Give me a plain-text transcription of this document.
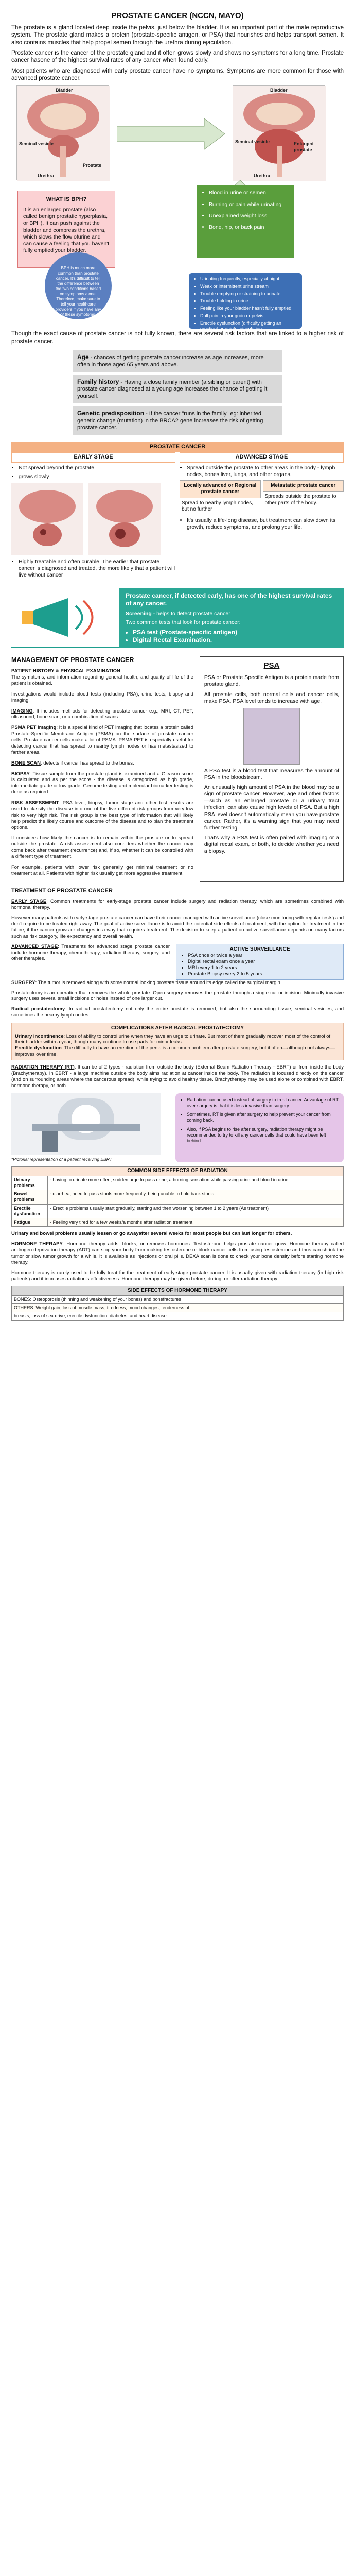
PROSTATE CANCER (NCCN, MAYO)

The prostate is a gland located deep inside the pelvis, just below the bladder. It is an important part of the male reproductive system. The prostate gland makes a protein (prostate-specific antigen, or PSA) that nourishes and helps transport semen. It also contains muscles that help propel semen through the urethra during ejaculation.

Prostate cancer is the cancer of the prostate gland and it often grows slowly and shows no symptoms for a long time. Prostate cancer hasone of the highest survival rates of any cancer when found early.

Most patients who are diagnosed with early prostate cancer have no symptoms. Symptoms are more common for those with advanced prostate cancer.

Bladder
Seminal vesicle
Prostate
Urethra
Bladder
Seminal vesicle	Enlarged prostate
Urethra
WHAT IS BPH?

It is an enlarged prostate (also called benign prostatic hyperplasia, or BPH). It can push against the bladder and compress the urethra, which slows the flow ofurine and can cause a feeling that you haven't fully emptied your bladder.

• Blood in urine or semen
• Burning or pain while urinating
• Unexplained weight loss
• Bone, hip, or back pain
BPH is much more common than prostate cancer. It's difficult to tell the difference between the two conditions based on symptoms alone. Therefore, make sure to tell your healthcare providers if you have any of these symptoms.
• Urinating frequently, especially at night
• Weak or intermittent urine stream
• Trouble emptying or straining to urinate
• Trouble holding in urine
• Feeling like your bladder hasn't fully emptied
• Dull pain in your groin or pelvis
• Erectile dysfunction (difficulty getting an erection) or painful ejaculation

Though the exact cause of prostate cancer is not fully known, there are several risk factors that are linked to a higher risk of prostate cancer.

Age - chances of getting prostate cancer increase as age increases, more often in those aged 65 years and above.
Family history - Having a close family member (a sibling or parent) with prostate cancer diagnosed at a young age increases the chance of getting it yourself.
Genetic predisposition - If the cancer "runs in the family" eg: inherited genetic change (mutation) in the BRCA2 gene increases the risk of getting prostate cancer.
PROSTATE CANCER
EARLY STAGE
• Not spread beyond the prostate
• grows slowly
• Highly treatable and often curable. The earlier that prostate cancer is diagnosed and treated, the more likely that a patient will live without cancer
ADVANCED STAGE
• Spread outside the prostate to other areas in the body - lymph nodes, bones liver, lungs, and other organs.
Locally advanced or Regional prostate cancer
Spread to nearby lymph nodes, but no further
Metastatic prostate cancer
Spreads outside the prostate to other parts of the body.
• It's usually a life-long disease, but treatment can slow down its growth, reduce symptoms, and prolong your life.
Prostate cancer, if detected early, has one of the highest survival rates of any cancer.

Screening - helps to detect prostate cancer

Two common tests that look for prostate cancer:

• PSA test (Prostate-specific antigen)
• Digital Rectal Examination.
MANAGEMENT OF PROSTATE CANCER
PATIENT HISTORY & PHYSICAL EXAMINATION
The symptoms, and information regarding general health, and quality of life of the patient is obtained.
Investigations would include blood tests (including PSA), urine tests, biopsy and imaging.
IMAGING: It includes methods for detecting prostate cancer e.g., MRI, CT, PET, ultrasound, bone scan, or a combination of scans.
PSMA PET Imaging: It is a special kind of PET imaging that locates a protein called Prostate-Specific Membrane Antigen (PSMA) on the surface of prostate cancer cells. Prostate cancer cells make a lot of PSMA. PSMA PET is especially useful for detecting cancer that has spread to nearby lymph nodes or has metastasized to farther areas.
BONE SCAN: detects if cancer has spread to the bones.
BIOPSY: Tissue sample from the prostate gland is examined and a Gleason score is calculated and as per the score - the disease is categorized as high grade, intermediate grade or low grade. Genome testing and molecular biomarker testing is done as required.
RISK ASSESSMENT: PSA level, biopsy, tumor stage and other test results are used to classify the disease into one of the five different risk groups from very low risk to very high risk. The risk group is the best type of information that will likely help predict the likely course and outcome of the disease and to plan the treatment options.
It considers how likely the cancer is to remain within the prostate or to spread outside the prostate. A risk assessment also considers whether the cancer may come back after treatment (recurrence) and, if so, whether it can be controlled with a different type of treatment.
For example, patients with lower risk generally get minimal treatment or no treatment at all. Patients with higher risk usually get more aggressive treatment.
PSA

PSA or Prostate Specific Antigen is a protein made from prostate gland.

All prostate cells, both normal cells and cancer cells, make PSA. PSA level tends to increase with age.

A PSA test is a blood test that measures the amount of PSA in the bloodstream.

An unusually high amount of PSA in the blood may be a sign of prostate cancer. However, age and other factors—such as an enlarged prostate or a urinary tract infection, can also cause high levels of PSA. But a high PSA level doesn't automatically mean you have prostate cancer. Rather, it's a warning sign that you may need further testing.

That's why a PSA test is often paired with imaging or a digital rectal exam, or both, to decide whether you need a biopsy.

TREATMENT OF PROSTATE CANCER
EARLY STAGE: Common treatments for early-stage prostate cancer include surgery and radiation therapy, which are sometimes combined with hormonal therapy.
However many patients with early-stage prostate cancer can have their cancer managed with active surveillance (close monitoring with regular tests) and don't require to be treated right away. The goal of active surveillance is to avoid the potential side effects of treatment, with the option for treatment in the future, if the cancer grows or changes in a way that requires treatment. The decision to keep a patient on active surveillance depends on many factors such as risk category, life expectancy and overall health.
ADVANCED STAGE: Treatments for advanced stage prostate cancer include hormone therapy, chemotherapy, radiation therapy, surgery, and other therapies.
ACTIVE SURVEILLANCE
• PSA once or twice a year
• Digital rectal exam once a year
• MRI every 1 to 2 years
• Prostate Biopsy every 2 to 5 years
SURGERY: The tumor is removed along with some normal looking prostate tissue around its edge called the surgical margin.
Prostatectomy is an operation that removes the whole prostate. Open surgery removes the prostate through a single cut or incision. Minimally invasive surgery uses several small incisions or holes instead of one larger cut.
Radical prostatectomy: In radical prostatectomy not only the entire prostate is removed, but also the surrounding tissue, seminal vesicles, and sometimes the nearby lymph nodes.
COMPLICATIONS AFTER RADICAL PROSTATECTOMY
Urinary incontinence: Loss of ability to control urine when they have an urge to urinate. But most of them gradually recover most of the control of their bladder within a year, though many continue to use pads for minor leaks.
Erectile dysfunction: The difficulty to have an erection of the penis is a common problem after prostate surgery, but it often—although not always—improves over time.
RADIATION THERAPY (RT): It can be of 2 types - radiation from outside the body (External Beam Radiation Therapy - EBRT) or from inside the body (Brachytherapy). In EBRT - a large machine outside the body aims radiation at cancer inside the body. The radiation is focused directly on the cancer (and on surrounding areas where the cancerous spread), while trying to avoid healthy tissue. Brachytherapy may be used alone or combined with EBRT, hormone therapy, or both.
*Pictorial representation of a patient receiving EBRT
• Radiation can be used instead of surgery to treat cancer. Advantage of RT over surgery is that it is less invasive than surgery.
• Sometimes, RT is given after surgery to help prevent your cancer from coming back.
• Also, if PSA begins to rise after surgery, radiation therapy might be recommended to try to kill any cancer cells that could have been left behind.
COMMON SIDE EFFECTS OF RADIATION	
Urinary problems	- having to urinate more often, sudden urge to pass urine, a burning sensation while passing urine and blood in urine.
Bowel problems	- diarrhea, need to pass stools more frequently, being unable to hold back stools.
Erectile dysfunction	- Erectile problems usually start gradually, starting and then worsening between 1 to 2 years (As treatment)
Fatigue	- Feeling very tired for a few weeks/a months after radiation treatment
Urinary and bowel problems usually lessen or go awayafter several weeks for most people but can last longer for others.
HORMONE THERAPY: Hormone therapy adds, blocks, or removes hormones. Testosterone helps prostate cancer grow. Hormone therapy called androgen deprivation therapy (ADT) can stop your body from making testosterone or block cancer cells from using testosterone and thus can shrink the tumor or slow tumor growth for a while. It is available as injections or oral pills. DEXA scan is done to check your bone density before starting hormone therapy.
Hormone therapy is rarely used to be fully treat for the treatment of early-stage prostate cancer. It is usually given with radiation therapy (in high risk patients) and it increases radiation's effectiveness. Hormone therapy may be given before, during, or after radiation therapy.
SIDE EFFECTS OF HORMONE THERAPY
BONES: Osteoporosis (thinning and weakening of your bones) and bonefractures
OTHERS: Weight gain, loss of muscle mass, tiredness, mood changes, tenderness of
breasts, loss of sex drive, erectile dysfunction, diabetes, and heart disease
